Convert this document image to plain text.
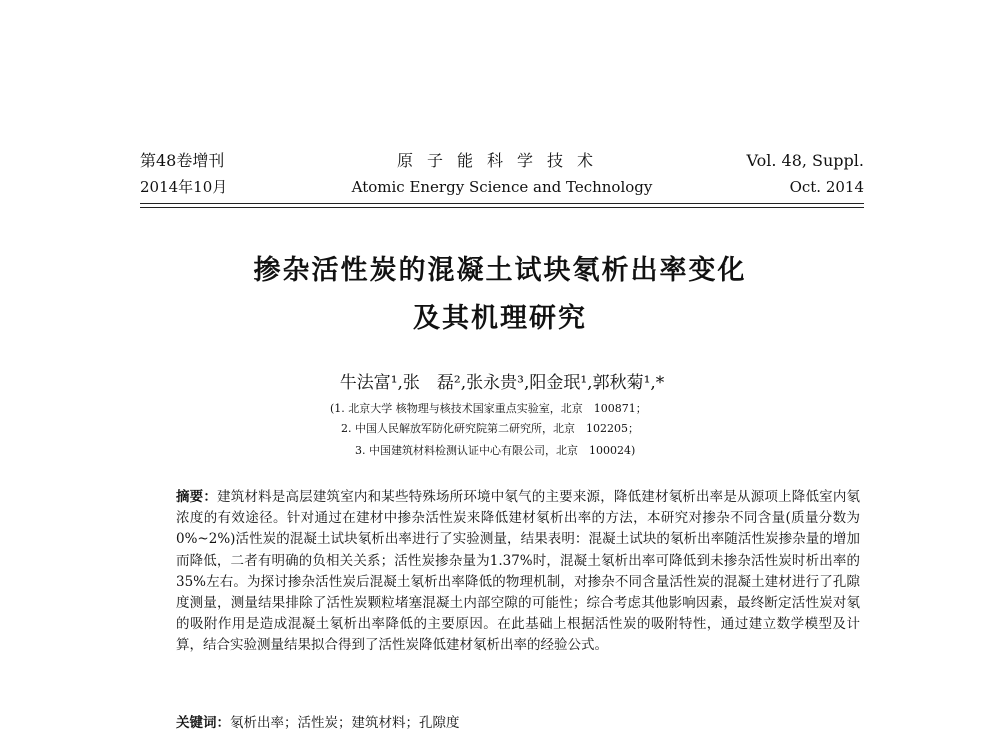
第48卷增刊	原子能科学技术	Vol. 48, Suppl.
2014年10月	Atomic Energy Science and Technology	Oct. 2014
掺杂活性炭的混凝土试块氡析出率变化
及其机理研究
牛法富¹,张　磊²,张永贵³,阳金珉¹,郭秋菊¹,*
(1. 北京大学 核物理与核技术国家重点实验室，北京　100871；
2. 中国人民解放军防化研究院第二研究所，北京　102205；
3. 中国建筑材料检测认证中心有限公司，北京　100024)
摘要：建筑材料是高层建筑室内和某些特殊场所环境中氡气的主要来源，降低建材氡析出率是从源项上降低室内氡浓度的有效途径。针对通过在建材中掺杂活性炭来降低建材氡析出率的方法，本研究对掺杂不同含量(质量分数为0%~2%)活性炭的混凝土试块氡析出率进行了实验测量，结果表明：混凝土试块的氡析出率随活性炭掺杂量的增加而降低，二者有明确的负相关关系；活性炭掺杂量为1.37%时，混凝土氡析出率可降低到未掺杂活性炭时析出率的35%左右。为探讨掺杂活性炭后混凝土氡析出率降低的物理机制，对掺杂不同含量活性炭的混凝土建材进行了孔隙度测量，测量结果排除了活性炭颗粒堵塞混凝土内部空隙的可能性；综合考虑其他影响因素，最终断定活性炭对氡的吸附作用是造成混凝土氡析出率降低的主要原因。在此基础上根据活性炭的吸附特性，通过建立数学模型及计算，结合实验测量结果拟合得到了活性炭降低建材氡析出率的经验公式。
关键词：氡析出率；活性炭；建筑材料；孔隙度
